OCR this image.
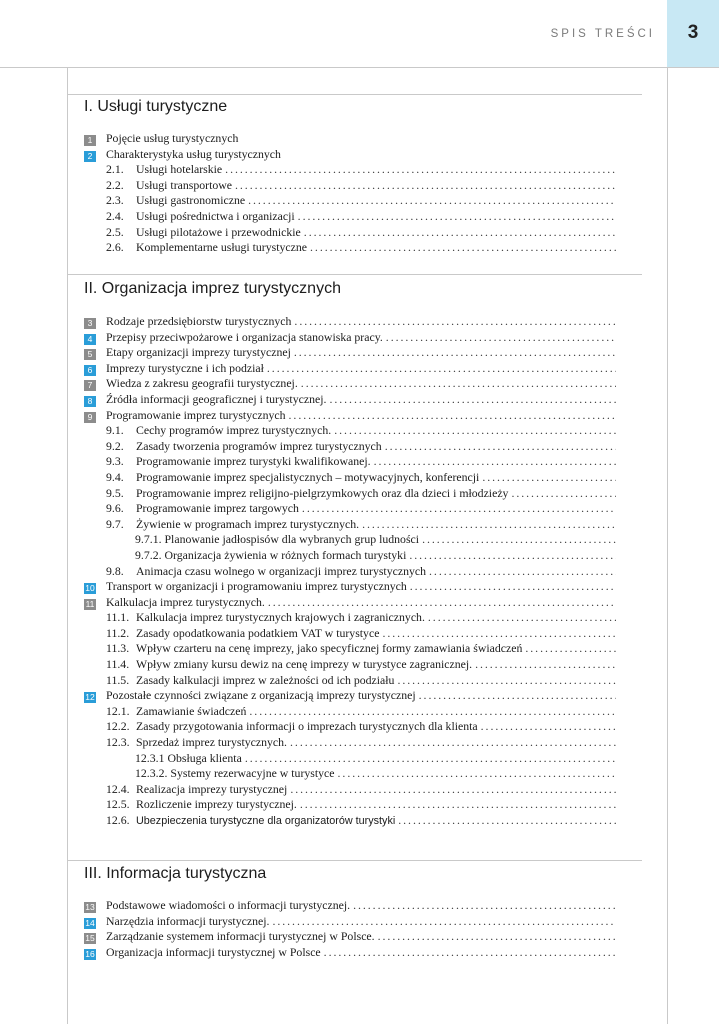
SPIS TREŚCI	3
I. Usługi turystyczne
1	Pojęcie usług turystycznych
2	Charakterystyka usług turystycznych
2.1.	Usługi hotelarskie
. . .
2.2.	Usługi transportowe
. . .
2.3.	Usługi gastronomiczne
. . .
2.4.	Usługi pośrednictwa i organizacji
. . .
2.5.	Usługi pilotażowe i przewodnickie
. . .
2.6.	Komplementarne usługi turystyczne
. . .
II. Organizacja imprez turystycznych
3	Rodzaje przedsiębiorstw turystycznych
. . .
4	Przepisy przeciwpożarowe i organizacja stanowiska pracy.
. . .
5	Etapy organizacji imprezy turystycznej
. . .
6	Imprezy turystyczne i ich podział
. . .
7	Wiedza z zakresu geografii turystycznej.
. . .
8	Źródła informacji geograficznej i turystycznej.
. . .
9	Programowanie imprez turystycznych
. . .
9.1.	Cechy programów imprez turystycznych.
. . .
9.2.	Zasady tworzenia programów imprez turystycznych
. . .
9.3.	Programowanie imprez turystyki kwalifikowanej.
. . .
9.4.	Programowanie imprez specjalistycznych – motywacyjnych, konferencji
. . .
9.5.	Programowanie imprez religijno-pielgrzymkowych oraz dla dzieci i młodzieży
. . .
9.6.	Programowanie imprez targowych
. . .
9.7.	Żywienie w programach imprez turystycznych.
. . .
9.7.1. Planowanie jadłospisów dla wybranych grup ludności
. . .
9.7.2. Organizacja żywienia w różnych formach turystyki
. . .
9.8.	Animacja czasu wolnego w organizacji imprez turystycznych
. . .
10 Transport w organizacji i programowaniu imprez turystycznych
. . .
11 Kalkulacja imprez turystycznych.
. . .
11.1. Kalkulacja imprez turystycznych krajowych i zagranicznych.
. . .
11.2. Zasady opodatkowania podatkiem VAT w turystyce
. . .
11.3. Wpływ czarteru na cenę imprezy, jako specyficznej formy zamawiania świadczeń
. . .
11.4. Wpływ zmiany kursu dewiz na cenę imprezy w turystyce zagranicznej.
. . .
11.5. Zasady kalkulacji imprez w zależności od ich podziału
. . .
12 Pozostałe czynności związane z organizacją imprezy turystycznej
. . .
12.1. Zamawianie świadczeń
. . .
12.2. Zasady przygotowania informacji o imprezach turystycznych dla klienta
. . .
12.3. Sprzedaż imprez turystycznych.
. . .
12.3.1 Obsługa klienta
. . .
12.3.2. Systemy rezerwacyjne w turystyce
. . .
12.4. Realizacja imprezy turystycznej
. . .
12.5. Rozliczenie imprezy turystycznej.
. . .
12.6. Ubezpieczenia turystyczne dla organizatorów turystyki
. . .
III. Informacja turystyczna
13 Podstawowe wiadomości o informacji turystycznej.
. . .
14 Narzędzia informacji turystycznej.
. . .
15 Zarządzanie systemem informacji turystycznej w Polsce.
. . .
16 Organizacja informacji turystycznej w Polsce
. . .
